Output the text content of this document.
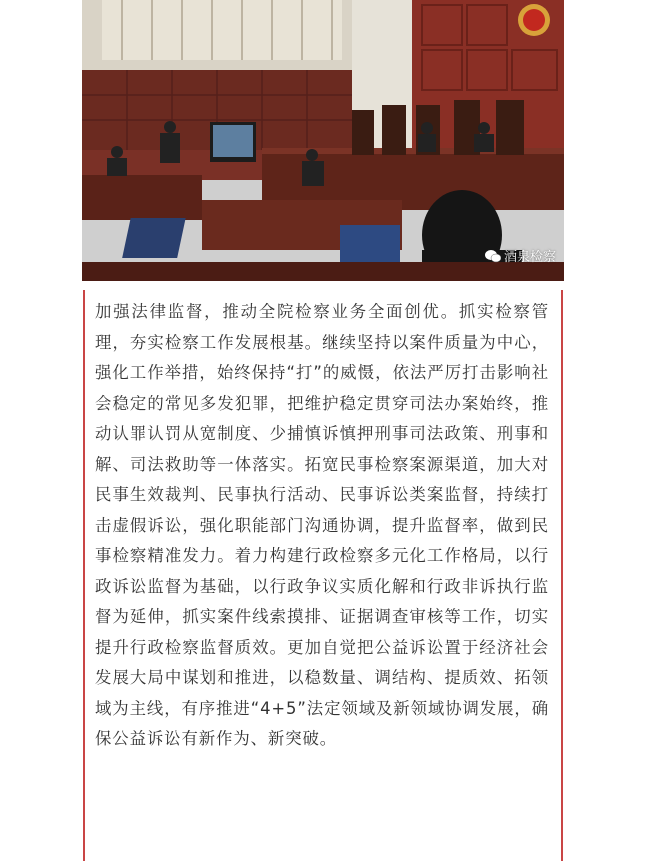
酒泉检察

加强法律监督，推动全院检察业务全面创优。抓实检察管理，夯实检察工作发展根基。继续坚持以案件质量为中心，强化工作举措，始终保持“打”的威慑，依法严厉打击影响社会稳定的常见多发犯罪，把维护稳定贯穿司法办案始终，推动认罪认罚从宽制度、少捕慎诉慎押刑事司法政策、刑事和解、司法救助等一体落实。拓宽民事检察案源渠道，加大对民事生效裁判、民事执行活动、民事诉讼类案监督，持续打击虚假诉讼，强化职能部门沟通协调，提升监督率，做到民事检察精准发力。着力构建行政检察多元化工作格局，以行政诉讼监督为基础，以行政争议实质化解和行政非诉执行监督为延伸，抓实案件线索摸排、证据调查审核等工作，切实提升行政检察监督质效。更加自觉把公益诉讼置于经济社会发展大局中谋划和推进，以稳数量、调结构、提质效、拓领域为主线，有序推进“4+5”法定领域及新领域协调发展，确保公益诉讼有新作为、新突破。
